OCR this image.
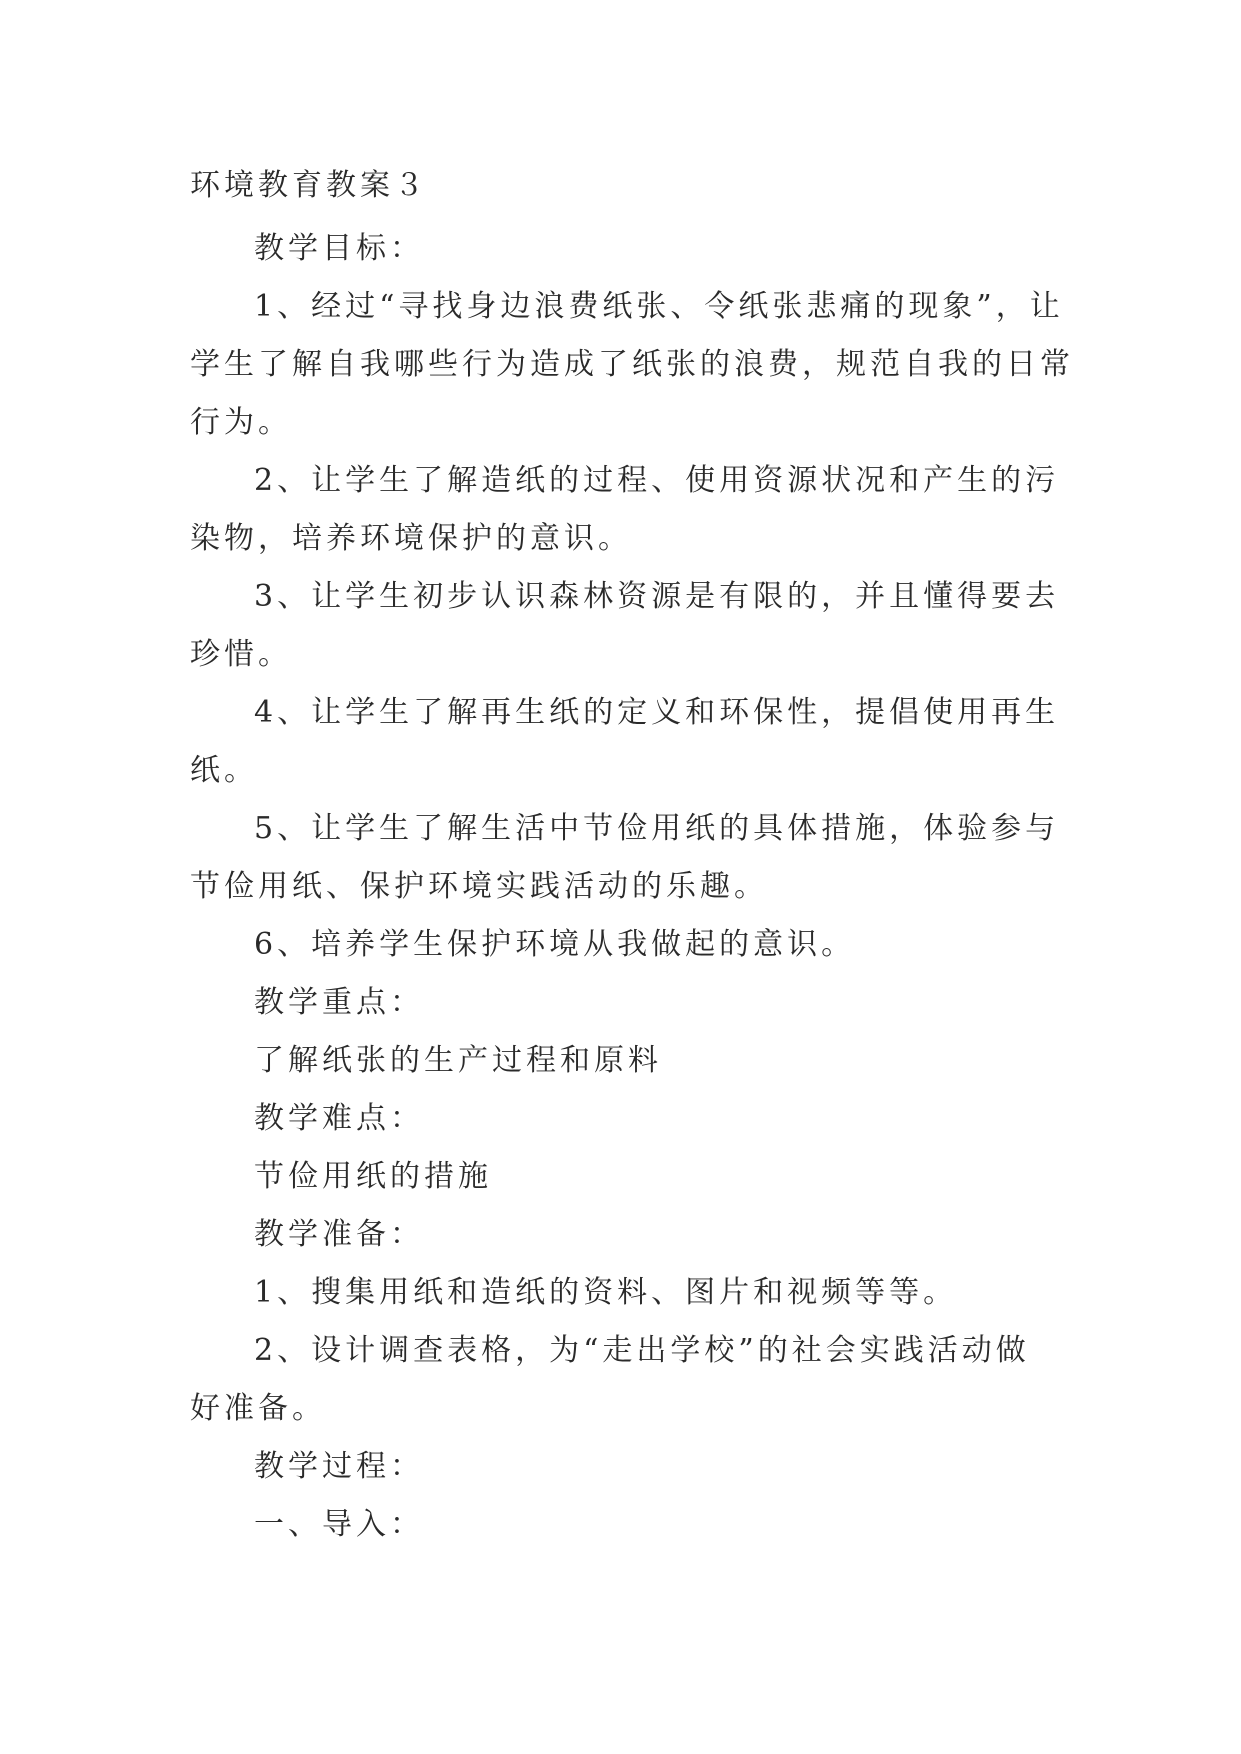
环境教育教案３
教学目标：
1、经过“寻找身边浪费纸张、令纸张悲痛的现象”，让
学生了解自我哪些行为造成了纸张的浪费，规范自我的日常
行为。
2、让学生了解造纸的过程、使用资源状况和产生的污
染物，培养环境保护的意识。
3、让学生初步认识森林资源是有限的，并且懂得要去
珍惜。
4、让学生了解再生纸的定义和环保性，提倡使用再生
纸。
5、让学生了解生活中节俭用纸的具体措施，体验参与
节俭用纸、保护环境实践活动的乐趣。
6、培养学生保护环境从我做起的意识。
教学重点：
了解纸张的生产过程和原料
教学难点：
节俭用纸的措施
教学准备：
1、搜集用纸和造纸的资料、图片和视频等等。
2、设计调查表格，为“走出学校”的社会实践活动做
好准备。
教学过程：
一、导入：
